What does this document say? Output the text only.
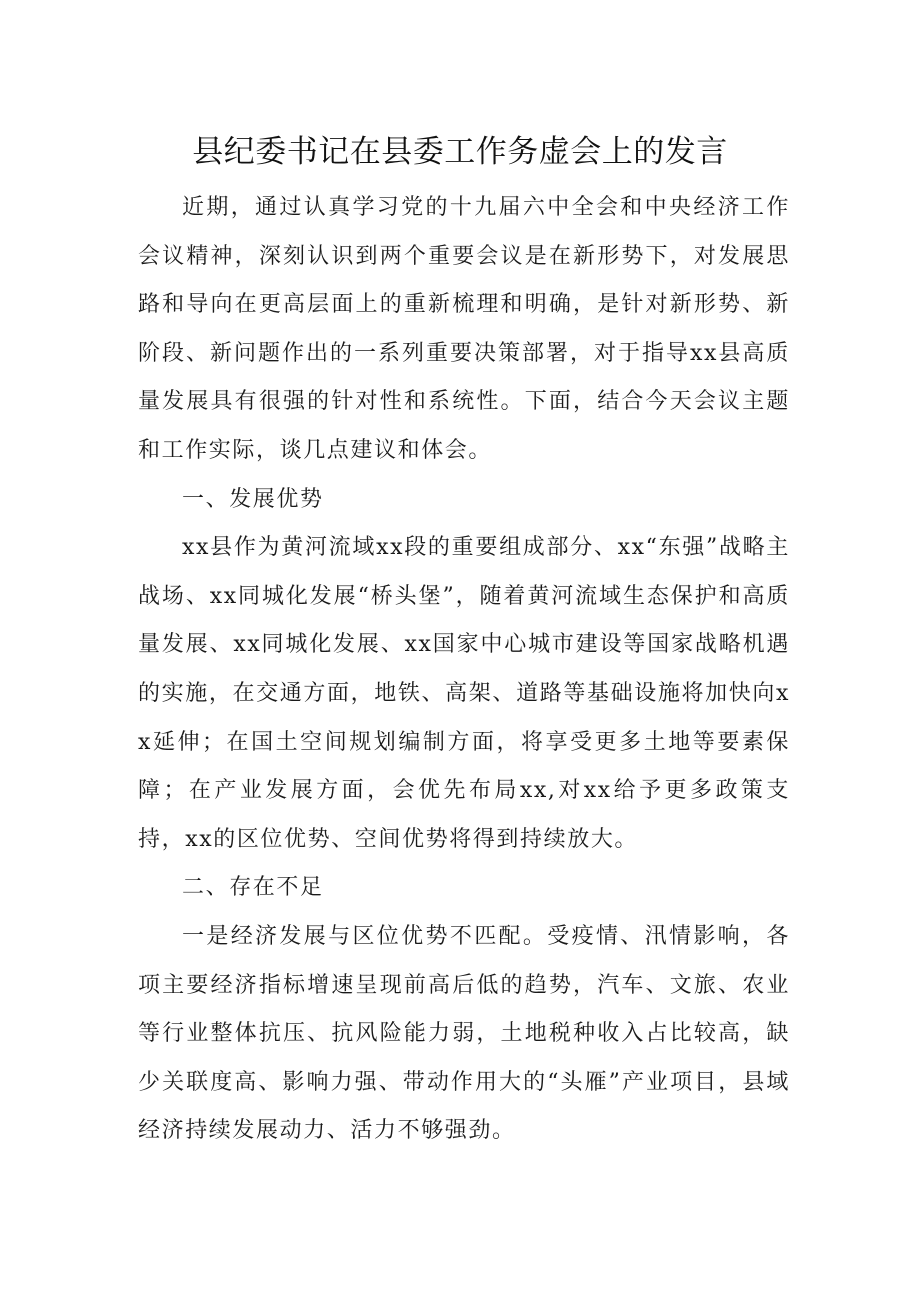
县纪委书记在县委工作务虚会上的发言

近期，通过认真学习党的十九届六中全会和中央经济工作会议精神，深刻认识到两个重要会议是在新形势下，对发展思路和导向在更高层面上的重新梳理和明确，是针对新形势、新阶段、新问题作出的一系列重要决策部署，对于指导xx县高质量发展具有很强的针对性和系统性。下面，结合今天会议主题和工作实际，谈几点建议和体会。

一、发展优势

xx县作为黄河流域xx段的重要组成部分、xx“东强”战略主战场、xx同城化发展“桥头堡”，随着黄河流域生态保护和高质量发展、xx同城化发展、xx国家中心城市建设等国家战略机遇的实施，在交通方面，地铁、高架、道路等基础设施将加快向xx延伸；在国土空间规划编制方面，将享受更多土地等要素保障；在产业发展方面，会优先布局xx,对xx给予更多政策支持，xx的区位优势、空间优势将得到持续放大。

二、存在不足

一是经济发展与区位优势不匹配。受疫情、汛情影响，各项主要经济指标增速呈现前高后低的趋势，汽车、文旅、农业等行业整体抗压、抗风险能力弱，土地税种收入占比较高，缺少关联度高、影响力强、带动作用大的“头雁”产业项目，县域经济持续发展动力、活力不够强劲。
